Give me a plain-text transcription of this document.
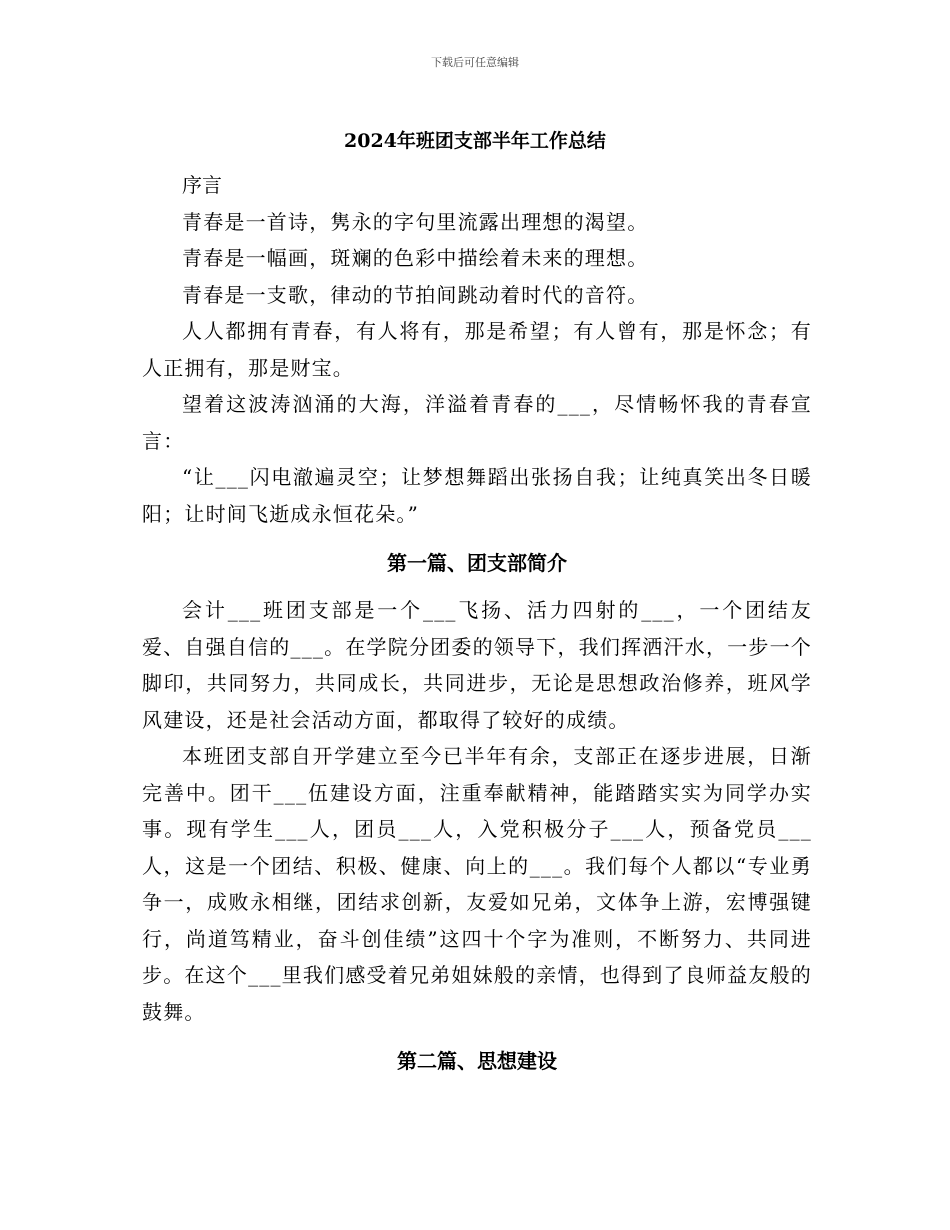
下载后可任意编辑
2024年班团支部半年工作总结

序言

青春是一首诗，隽永的字句里流露出理想的渴望。

青春是一幅画，斑斓的色彩中描绘着未来的理想。

青春是一支歌，律动的节拍间跳动着时代的音符。

人人都拥有青春，有人将有，那是希望；有人曾有，那是怀念；有人正拥有，那是财宝。

望着这波涛汹涌的大海，洋溢着青春的___，尽情畅怀我的青春宣言：

“让___闪电澈遍灵空；让梦想舞蹈出张扬自我；让纯真笑出冬日暖阳；让时间飞逝成永恒花朵。”

第一篇、团支部简介

会计___班团支部是一个___飞扬、活力四射的___，一个团结友爱、自强自信的___。在学院分团委的领导下，我们挥洒汗水，一步一个脚印，共同努力，共同成长，共同进步，无论是思想政治修养，班风学风建设，还是社会活动方面，都取得了较好的成绩。

本班团支部自开学建立至今已半年有余，支部正在逐步进展，日渐完善中。团干___伍建设方面，注重奉献精神，能踏踏实实为同学办实事。现有学生___人，团员___人，入党积极分子___人，预备党员___人，这是一个团结、积极、健康、向上的___。我们每个人都以“专业勇争一，成败永相继，团结求创新，友爱如兄弟，文体争上游，宏博强键行，尚道笃精业，奋斗创佳绩”这四十个字为准则，不断努力、共同进步。在这个___里我们感受着兄弟姐妹般的亲情，也得到了良师益友般的鼓舞。

第二篇、思想建设
